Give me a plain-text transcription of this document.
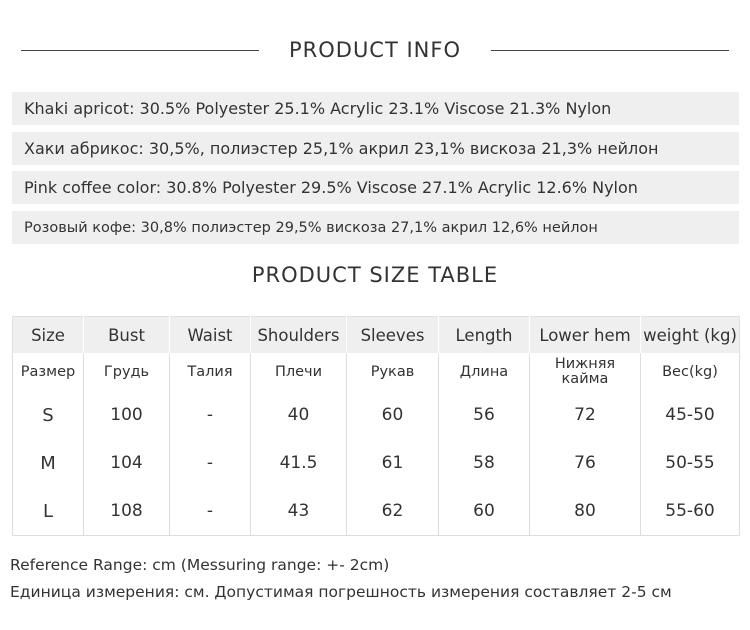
PRODUCT INFO
Khaki apricot: 30.5% Polyester 25.1% Acrylic 23.1% Viscose 21.3% Nylon
Хаки абрикос: 30,5%, полиэстер 25,1% акрил 23,1% вискоза 21,3% нейлон
Pink coffee color: 30.8% Polyester 29.5% Viscose 27.1% Acrylic 12.6% Nylon
Розовый кофе: 30,8% полиэстер 29,5% вискоза 27,1% акрил 12,6% нейлон
PRODUCT SIZE TABLE
Size	Bust	Waist	Shoulders	Sleeves	Length	Lower hem	weight (kg)
Размер	Грудь	Талия	Плечи	Рукав	Длина	Нижняя кайма	Вес(kg)
S	100	-	40	60	56	72	45-50
M	104	-	41.5	61	58	76	50-55
L	108	-	43	62	60	80	55-60
Reference Range: cm (Messuring range: +- 2cm)
Единица измерения: см. Допустимая погрешность измерения составляет 2-5 см
